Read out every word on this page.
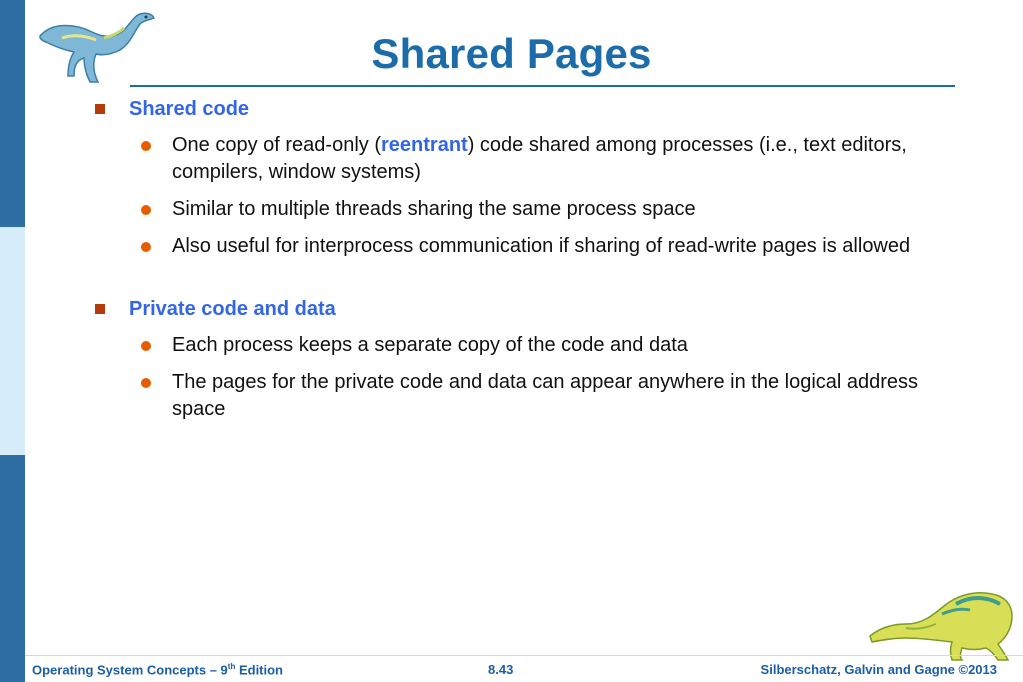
Shared Pages
Shared code
One copy of read-only (reentrant) code shared among processes (i.e., text editors, compilers, window systems)
Similar to multiple threads sharing the same process space
Also useful for interprocess communication if sharing of read-write pages is allowed
Private code and data
Each process keeps a separate copy of the code and data
The pages for the private code and data can appear anywhere in the logical address space
Operating System Concepts – 9th Edition	8.43	Silberschatz, Galvin and Gagne ©2013
